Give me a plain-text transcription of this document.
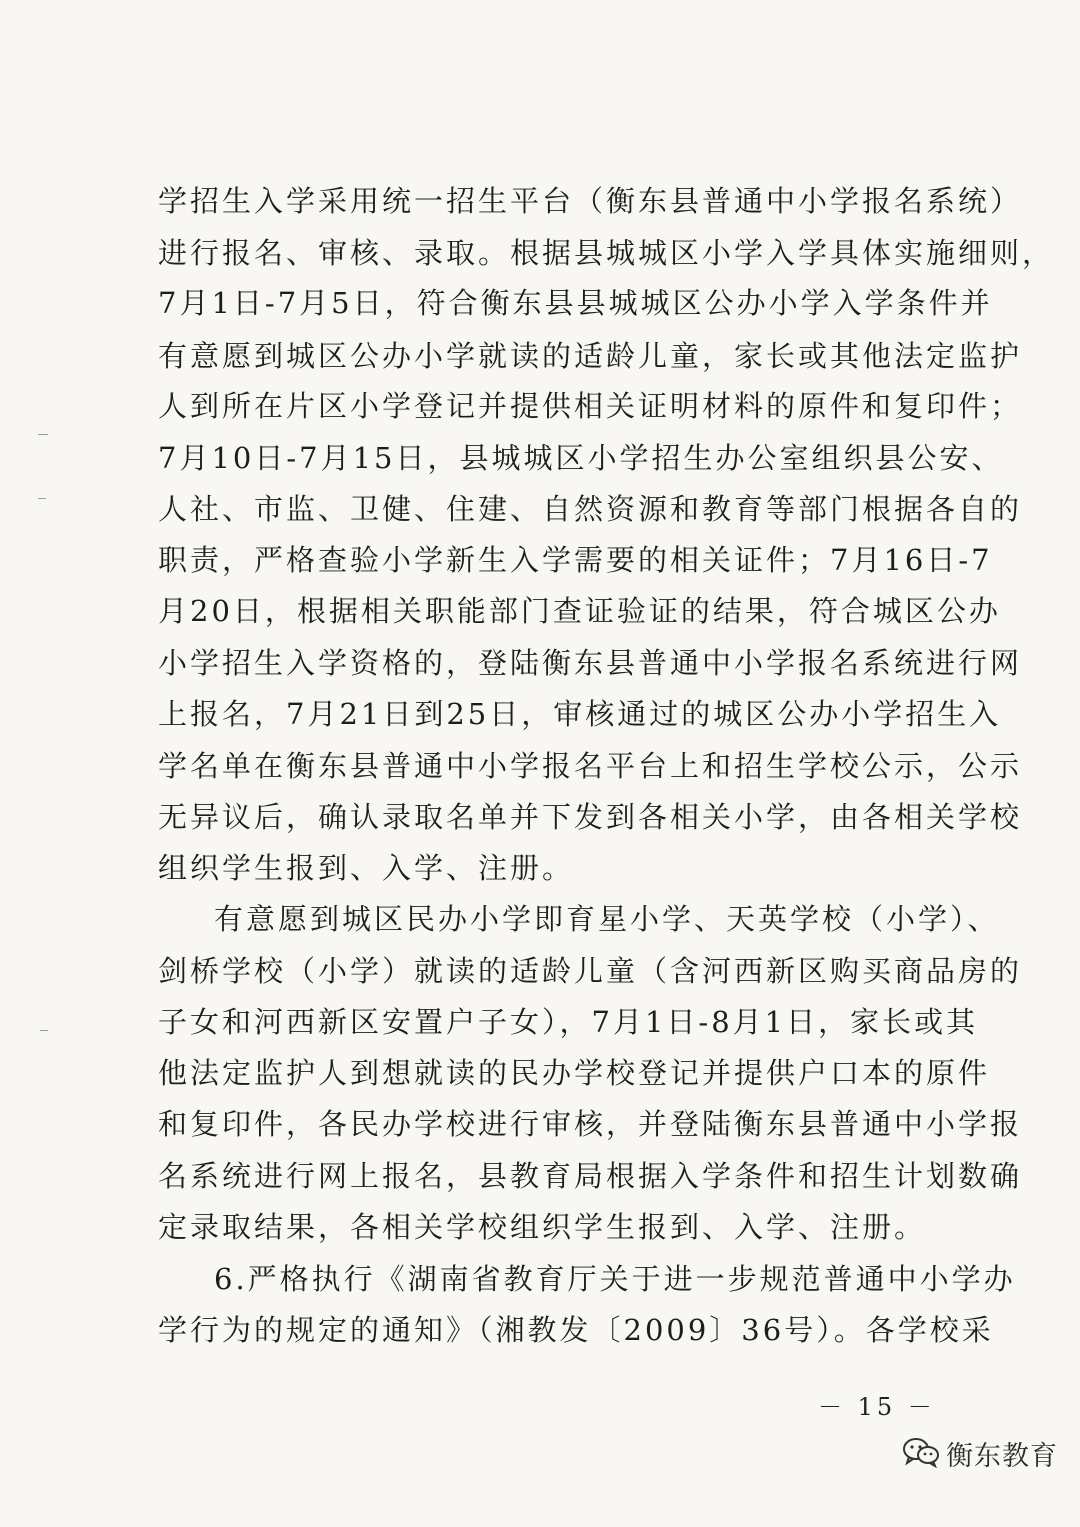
学招生入学采用统一招生平台（衡东县普通中小学报名系统）
进行报名、审核、录取。根据县城城区小学入学具体实施细则，
7月1日-7月5日，符合衡东县县城城区公办小学入学条件并
有意愿到城区公办小学就读的适龄儿童，家长或其他法定监护
人到所在片区小学登记并提供相关证明材料的原件和复印件；
7月10日-7月15日，县城城区小学招生办公室组织县公安、
人社、市监、卫健、住建、自然资源和教育等部门根据各自的
职责，严格查验小学新生入学需要的相关证件；7月16日-7
月20日，根据相关职能部门查证验证的结果，符合城区公办
小学招生入学资格的，登陆衡东县普通中小学报名系统进行网
上报名，7月21日到25日，审核通过的城区公办小学招生入
学名单在衡东县普通中小学报名平台上和招生学校公示，公示
无异议后，确认录取名单并下发到各相关小学，由各相关学校
组织学生报到、入学、注册。
有意愿到城区民办小学即育星小学、天英学校（小学）、
剑桥学校（小学）就读的适龄儿童（含河西新区购买商品房的
子女和河西新区安置户子女），7月1日-8月1日，家长或其
他法定监护人到想就读的民办学校登记并提供户口本的原件
和复印件，各民办学校进行审核，并登陆衡东县普通中小学报
名系统进行网上报名，县教育局根据入学条件和招生计划数确
定录取结果，各相关学校组织学生报到、入学、注册。
6.严格执行《湖南省教育厅关于进一步规范普通中小学办
学行为的规定的通知》（湘教发〔2009〕36号）。各学校采
－ 15 －
衡东教育
